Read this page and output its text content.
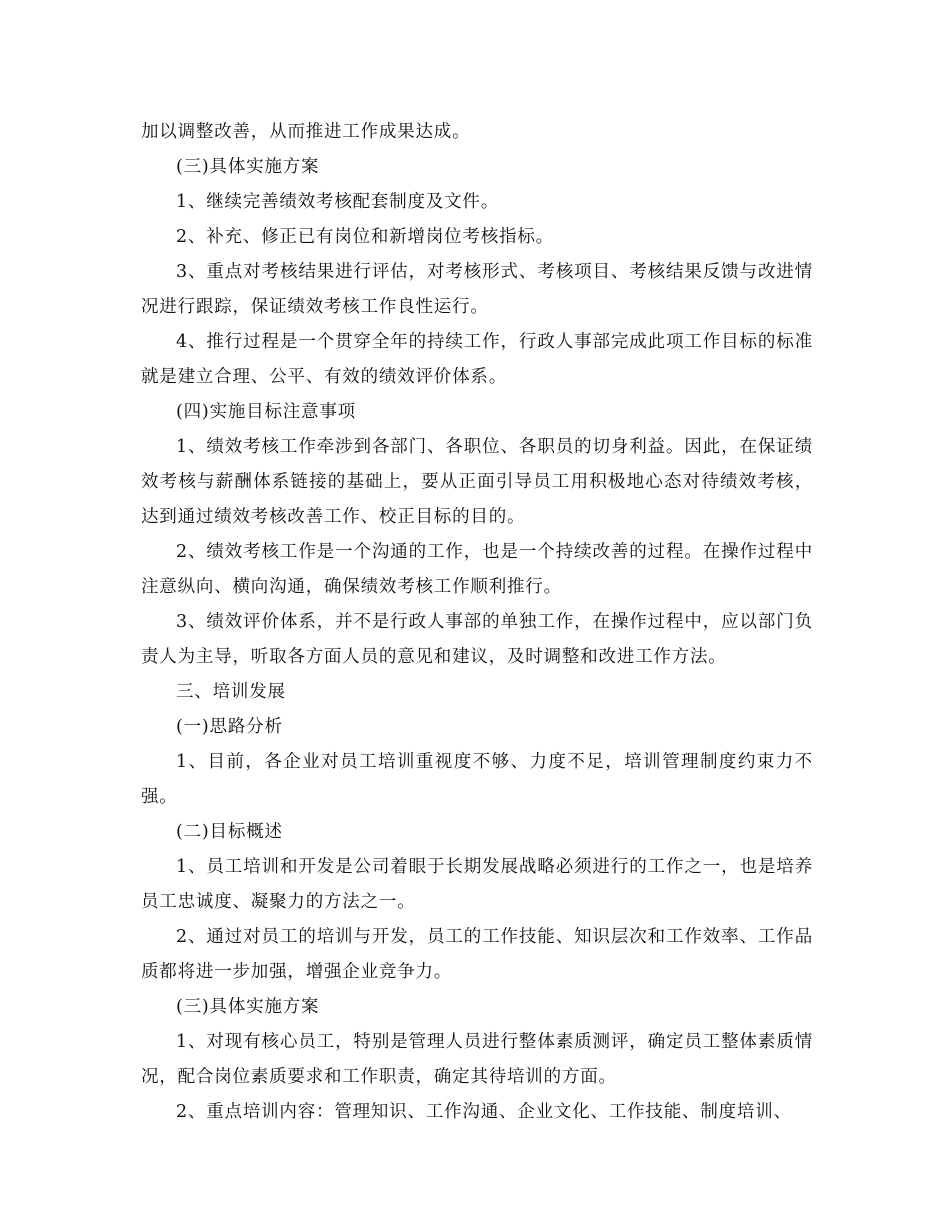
加以调整改善，从而推进工作成果达成。

(三)具体实施方案

1、继续完善绩效考核配套制度及文件。

2、补充、修正已有岗位和新增岗位考核指标。

3、重点对考核结果进行评估，对考核形式、考核项目、考核结果反馈与改进情况进行跟踪，保证绩效考核工作良性运行。

4、推行过程是一个贯穿全年的持续工作，行政人事部完成此项工作目标的标准就是建立合理、公平、有效的绩效评价体系。

(四)实施目标注意事项

1、绩效考核工作牵涉到各部门、各职位、各职员的切身利益。因此，在保证绩效考核与薪酬体系链接的基础上，要从正面引导员工用积极地心态对待绩效考核，达到通过绩效考核改善工作、校正目标的目的。

2、绩效考核工作是一个沟通的工作，也是一个持续改善的过程。在操作过程中注意纵向、横向沟通，确保绩效考核工作顺利推行。

3、绩效评价体系，并不是行政人事部的单独工作，在操作过程中，应以部门负责人为主导，听取各方面人员的意见和建议，及时调整和改进工作方法。

三、培训发展

(一)思路分析

1、目前，各企业对员工培训重视度不够、力度不足，培训管理制度约束力不强。

(二)目标概述

1、员工培训和开发是公司着眼于长期发展战略必须进行的工作之一，也是培养员工忠诚度、凝聚力的方法之一。

2、通过对员工的培训与开发，员工的工作技能、知识层次和工作效率、工作品质都将进一步加强，增强企业竞争力。

(三)具体实施方案

1、对现有核心员工，特别是管理人员进行整体素质测评，确定员工整体素质情况，配合岗位素质要求和工作职责，确定其待培训的方面。

2、重点培训内容：管理知识、工作沟通、企业文化、工作技能、制度培训、
